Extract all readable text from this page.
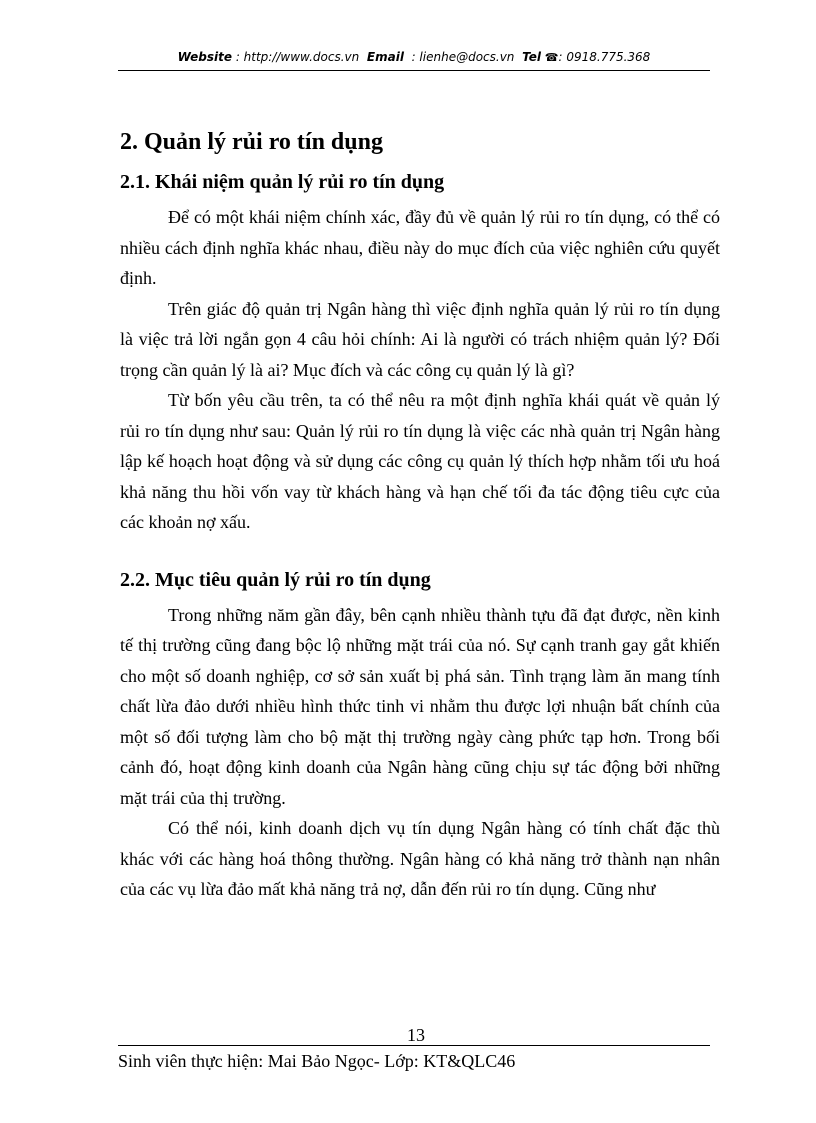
Website : http://www.docs.vn Email : lienhe@docs.vn Tel ☎: 0918.775.368
2. Quản lý rủi ro tín dụng
2.1. Khái niệm quản lý rủi ro tín dụng

Để có một khái niệm chính xác, đầy đủ về quản lý rủi ro tín dụng, có thể có nhiều cách định nghĩa khác nhau, điều này do mục đích của việc nghiên cứu quyết định.

Trên giác độ quản trị Ngân hàng thì việc định nghĩa quản lý rủi ro tín dụng là việc trả lời ngắn gọn 4 câu hỏi chính: Ai là người có trách nhiệm quản lý? Đối trọng cần quản lý là ai? Mục đích và các công cụ quản lý là gì?

Từ bốn yêu cầu trên, ta có thể nêu ra một định nghĩa khái quát về quản lý rủi ro tín dụng như sau: Quản lý rủi ro tín dụng là việc các nhà quản trị Ngân hàng lập kế hoạch hoạt động và sử dụng các công cụ quản lý thích hợp nhằm tối ưu hoá khả năng thu hồi vốn vay từ khách hàng và hạn chế tối đa tác động tiêu cực của các khoản nợ xấu.

2.2. Mục tiêu quản lý rủi ro tín dụng

Trong những năm gần đây, bên cạnh nhiều thành tựu đã đạt được, nền kinh tế thị trường cũng đang bộc lộ những mặt trái của nó. Sự cạnh tranh gay gắt khiến cho một số doanh nghiệp, cơ sở sản xuất bị phá sản. Tình trạng làm ăn mang tính chất lừa đảo dưới nhiều hình thức tinh vi nhằm thu được lợi nhuận bất chính của một số đối tượng làm cho bộ mặt thị trường ngày càng phức tạp hơn. Trong bối cảnh đó, hoạt động kinh doanh của Ngân hàng cũng chịu sự tác động bởi những mặt trái của thị trường.

Có thể nói, kinh doanh dịch vụ tín dụng Ngân hàng có tính chất đặc thù khác với các hàng hoá thông thường. Ngân hàng có khả năng trở thành nạn nhân của các vụ lừa đảo mất khả năng trả nợ, dẫn đến rủi ro tín dụng. Cũng như

13
Sinh viên thực hiện: Mai Bảo Ngọc- Lớp: KT&QLC46
